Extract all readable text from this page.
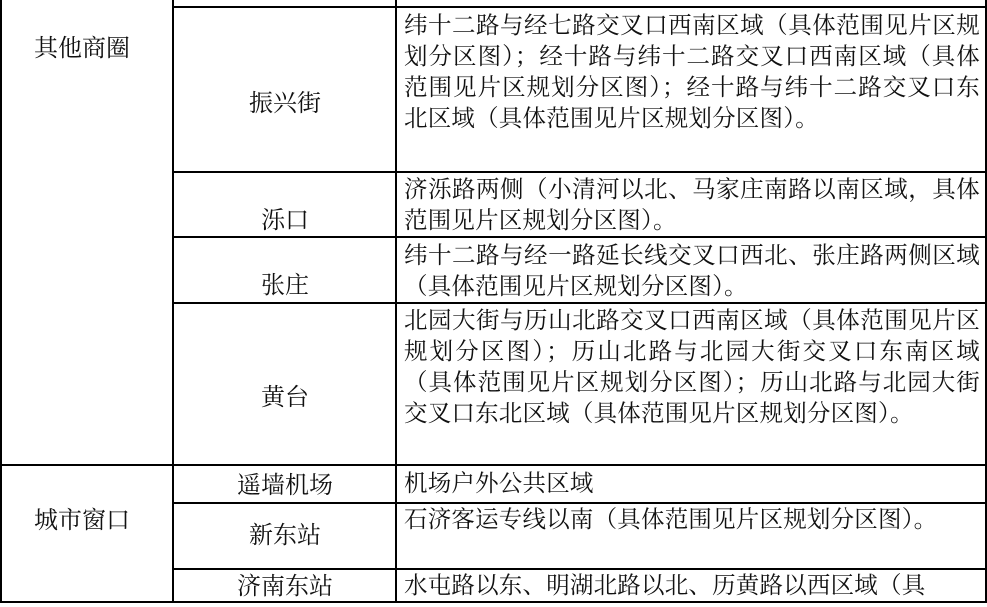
其他商圈
城市窗口
振兴街

纬十二路与经七路交叉口西南区域（具体范围见片区规划分区图）；经十路与纬十二路交叉口西南区域（具体范围见片区规划分区图）；经十路与纬十二路交叉口东北区域（具体范围见片区规划分区图）。

泺口

济泺路两侧（小清河以北、马家庄南路以南区域，具体范围见片区规划分区图）。

张庄

纬十二路与经一路延长线交叉口西北、张庄路两侧区域（具体范围见片区规划分区图）。

黄台

北园大街与历山北路交叉口西南区域（具体范围见片区规划分区图）；历山北路与北园大街交叉口东南区域（具体范围见片区规划分区图）；历山北路与北园大街交叉口东北区域（具体范围见片区规划分区图）。

遥墙机场	机场户外公共区域

新东站

石济客运专线以南（具体范围见片区规划分区图）。

济南东站	水屯路以东、明湖北路以北、历黄路以西区域（具
